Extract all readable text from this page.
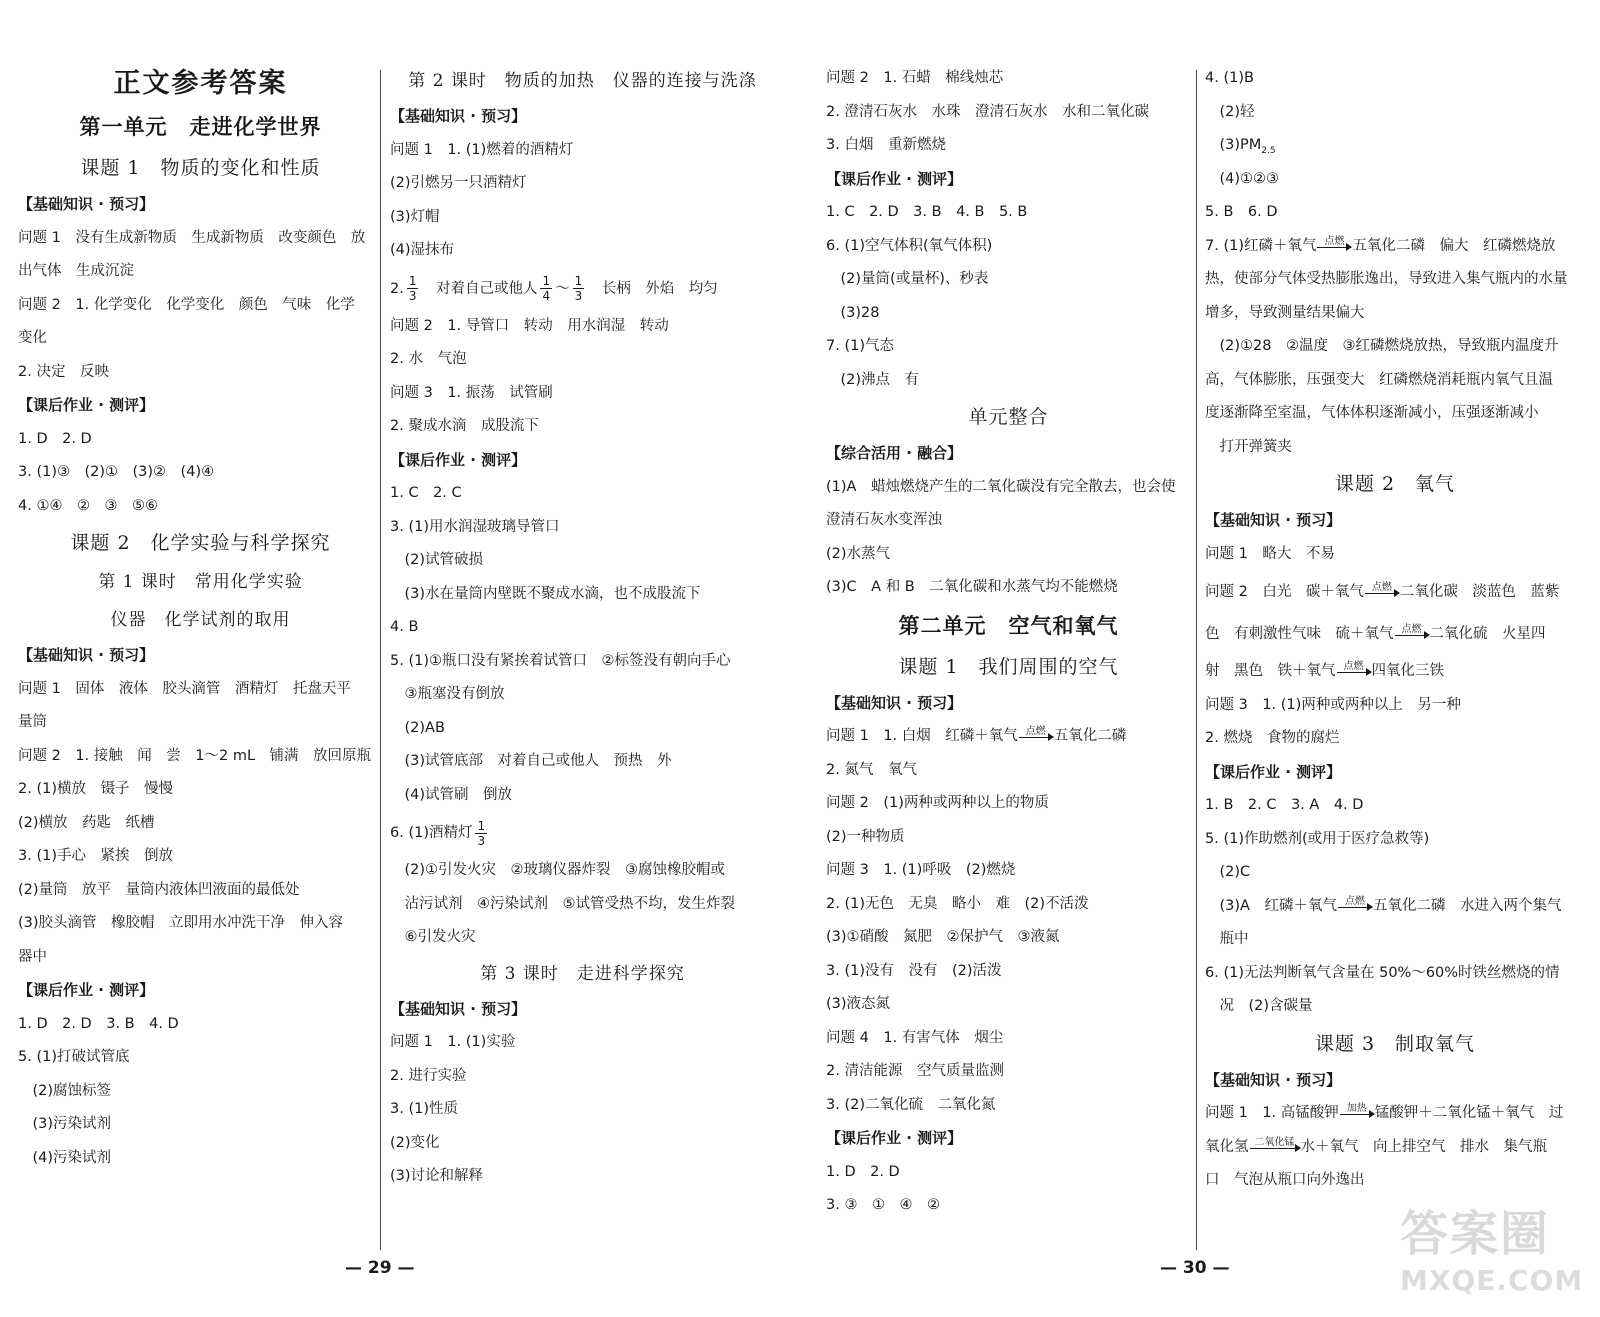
正文参考答案
第一单元　走进化学世界
课题 1　物质的变化和性质
【基础知识 · 预习】
问题 1　没有生成新物质　生成新物质　改变颜色　放
出气体　生成沉淀
问题 2　1. 化学变化　化学变化　颜色　气味　化学
变化
2. 决定　反映
【课后作业 · 测评】
1. D　2. D
3. (1)③　(2)①　(3)②　(4)④
4. ①④　②　③　⑤⑥
课题 2　化学实验与科学探究
第 1 课时　常用化学实验
仪器　化学试剂的取用
【基础知识 · 预习】
问题 1　固体　液体　胶头滴管　酒精灯　托盘天平
量筒
问题 2　1. 接触　闻　尝　1～2 mL　铺满　放回原瓶
2. (1)横放　镊子　慢慢
(2)横放　药匙　纸槽
3. (1)手心　紧挨　倒放
(2)量筒　放平　量筒内液体凹液面的最低处
(3)胶头滴管　橡胶帽　立即用水冲洗干净　伸入容
器中
【课后作业 · 测评】
1. D　2. D　3. B　4. D
5. (1)打破试管底
　(2)腐蚀标签
　(3)污染试剂
　(4)污染试剂
第 2 课时　物质的加热　仪器的连接与洗涤
【基础知识 · 预习】
问题 1　1. (1)燃着的酒精灯
(2)引燃另一只酒精灯
(3)灯帽
(4)湿抹布
2. $\frac{1}{3}$ 　对着自己或他人 $\frac{1}{4}$ ～ $\frac{1}{3}$ 　长柄　外焰　均匀
问题 2　1. 导管口　转动　用水润湿　转动
2. 水　气泡
问题 3　1. 振荡　试管刷
2. 聚成水滴　成股流下
【课后作业 · 测评】
1. C　2. C
3. (1)用水润湿玻璃导管口
　(2)试管破损
　(3)水在量筒内壁既不聚成水滴，也不成股流下
4. B
5. (1)①瓶口没有紧挨着试管口　②标签没有朝向手心
　③瓶塞没有倒放
　(2)AB
　(3)试管底部　对着自己或他人　预热　外
　(4)试管刷　倒放
6. (1)酒精灯 $\frac{1}{3}$
　(2)①引发火灾　②玻璃仪器炸裂　③腐蚀橡胶帽或
　沾污试剂　④污染试剂　⑤试管受热不均，发生炸裂
　⑥引发火灾
第 3 课时　走进科学探究
【基础知识 · 预习】
问题 1　1. (1)实验
2. 进行实验
3. (1)性质
(2)变化
(3)讨论和解释
问题 2　1. 石蜡　棉线烛芯
2. 澄清石灰水　水珠　澄清石灰水　水和二氧化碳
3. 白烟　重新燃烧
【课后作业 · 测评】
1. C　2. D　3. B　4. B　5. B
6. (1)空气体积(氧气体积)
　(2)量筒(或量杯)、秒表
　(3)28
7. (1)气态
　(2)沸点　有
单元整合
【综合活用 · 融合】
(1)A　蜡烛燃烧产生的二氧化碳没有完全散去，也会使
澄清石灰水变浑浊
(2)水蒸气
(3)C　A 和 B　二氧化碳和水蒸气均不能燃烧
第二单元　空气和氧气
课题 1　我们周围的空气
【基础知识 · 预习】
问题 1　1. 白烟　红磷＋氧气 点燃 五氧化二磷
2. 氮气　氧气
问题 2　(1)两种或两种以上的物质
(2)一种物质
问题 3　1. (1)呼吸　(2)燃烧
2. (1)无色　无臭　略小　难　(2)不活泼
(3)①硝酸　氮肥　②保护气　③液氮
3. (1)没有　没有　(2)活泼
(3)液态氮
问题 4　1. 有害气体　烟尘
2. 清洁能源　空气质量监测
3. (2)二氧化硫　二氧化氮
【课后作业 · 测评】
1. D　2. D
3. ③　①　④　②
4. (1)B
　(2)轻
　$(3)PM_{2.5}$
　(4)①②③
5. B　6. D
7. (1)红磷＋氧气 点燃 五氧化二磷　偏大　红磷燃烧放
热，使部分气体受热膨胀逸出，导致进入集气瓶内的水量
增多，导致测量结果偏大
　(2)①28　②温度　③红磷燃烧放热，导致瓶内温度升
高，气体膨胀，压强变大　红磷燃烧消耗瓶内氧气且温
度逐渐降至室温，气体体积逐渐减小，压强逐渐减小
　打开弹簧夹
课题 2　氧气
【基础知识 · 预习】
问题 1　略大　不易
问题 2　白光　碳＋氧气 点燃 二氧化碳　淡蓝色　蓝紫
色　有刺激性气味　硫＋氧气 点燃 二氧化硫　火星四
射　黑色　铁＋氧气 点燃 四氧化三铁
问题 3　1. (1)两种或两种以上　另一种
2. 燃烧　食物的腐烂
【课后作业 · 测评】
1. B　2. C　3. A　4. D
5. (1)作助燃剂(或用于医疗急救等)
　(2)C
　(3)A　红磷＋氧气 点燃 五氧化二磷　水进入两个集气
　瓶中
6. (1)无法判断氧气含量在 50%～60%时铁丝燃烧的情
　况　(2)含碳量
课题 3　制取氧气
【基础知识 · 预习】
问题 1　1. 高锰酸钾 加热 锰酸钾＋二氧化锰＋氧气　过
氧化氢 二氧化锰 水＋氧气　向上排空气　排水　集气瓶
口　气泡从瓶口向外逸出
— 29 —	— 30 —
答案圈
MXQE.COM
